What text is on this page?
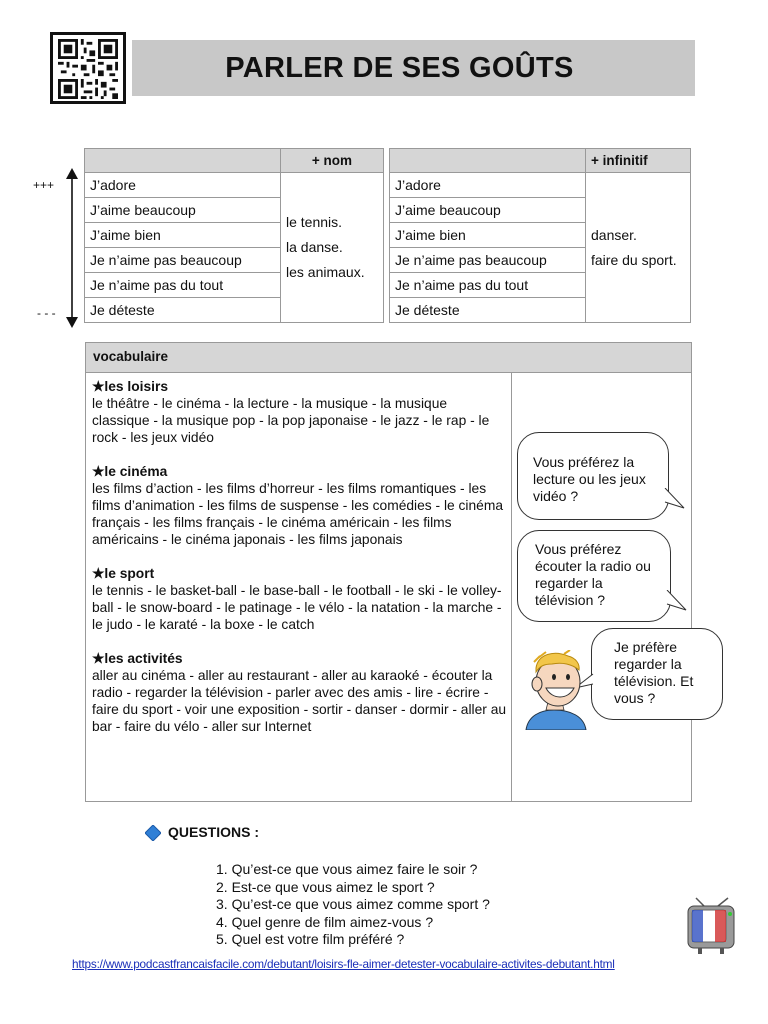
PARLER DE SES GOÛTS
+++
- - -
	+ nom
J’adore	le tennis.
la danse.
les animaux.

J’aime beaucoup	
J’aime bien	
Je n’aime pas beaucoup	
Je n’aime pas du tout	
Je déteste	
	+ infinitif
J’adore	danser.
faire du sport.

J’aime beaucoup	
J’aime bien	
Je n’aime pas beaucoup	
Je n’aime pas du tout	
Je déteste	
vocabulaire
★les loisirs
le théâtre - le cinéma - la lecture - la musique - la musique classique - la musique pop - la pop japonaise - le jazz - le rap - le rock - les jeux vidéo
★le cinéma
les films d’action - les films d’horreur - les films romantiques - les films d’animation - les films de suspense - les comédies - le cinéma français - les films français - le cinéma américain - les films américains - le cinéma japonais - les films japonais
★le sport
le tennis - le basket-ball - le base-ball - le football - le ski - le volley-ball - le snow-board - le patinage - le vélo - la natation - la marche - le judo - le karaté - la boxe - le catch
★les activités
aller au cinéma - aller au restaurant - aller au karaoké - écouter la radio - regarder la télévision - parler avec des amis - lire - écrire - faire du sport - voir une exposition - sortir - danser - dormir - aller au bar - faire du vélo - aller sur Internet
Vous préférez la lecture ou les jeux vidéo ?
Vous préférez écouter la radio ou regarder la télévision ?
Je préfère regarder la télévision. Et vous ?
QUESTIONS :
1. Qu’est-ce que vous aimez faire le soir ?
2. Est-ce que vous aimez le sport ?
3. Qu’est-ce que vous aimez comme sport ?
4. Quel genre de film aimez-vous ?
5. Quel est votre film préféré ?
https://www.podcastfrancaisfacile.com/debutant/loisirs-fle-aimer-detester-vocabulaire-activites-debutant.html
